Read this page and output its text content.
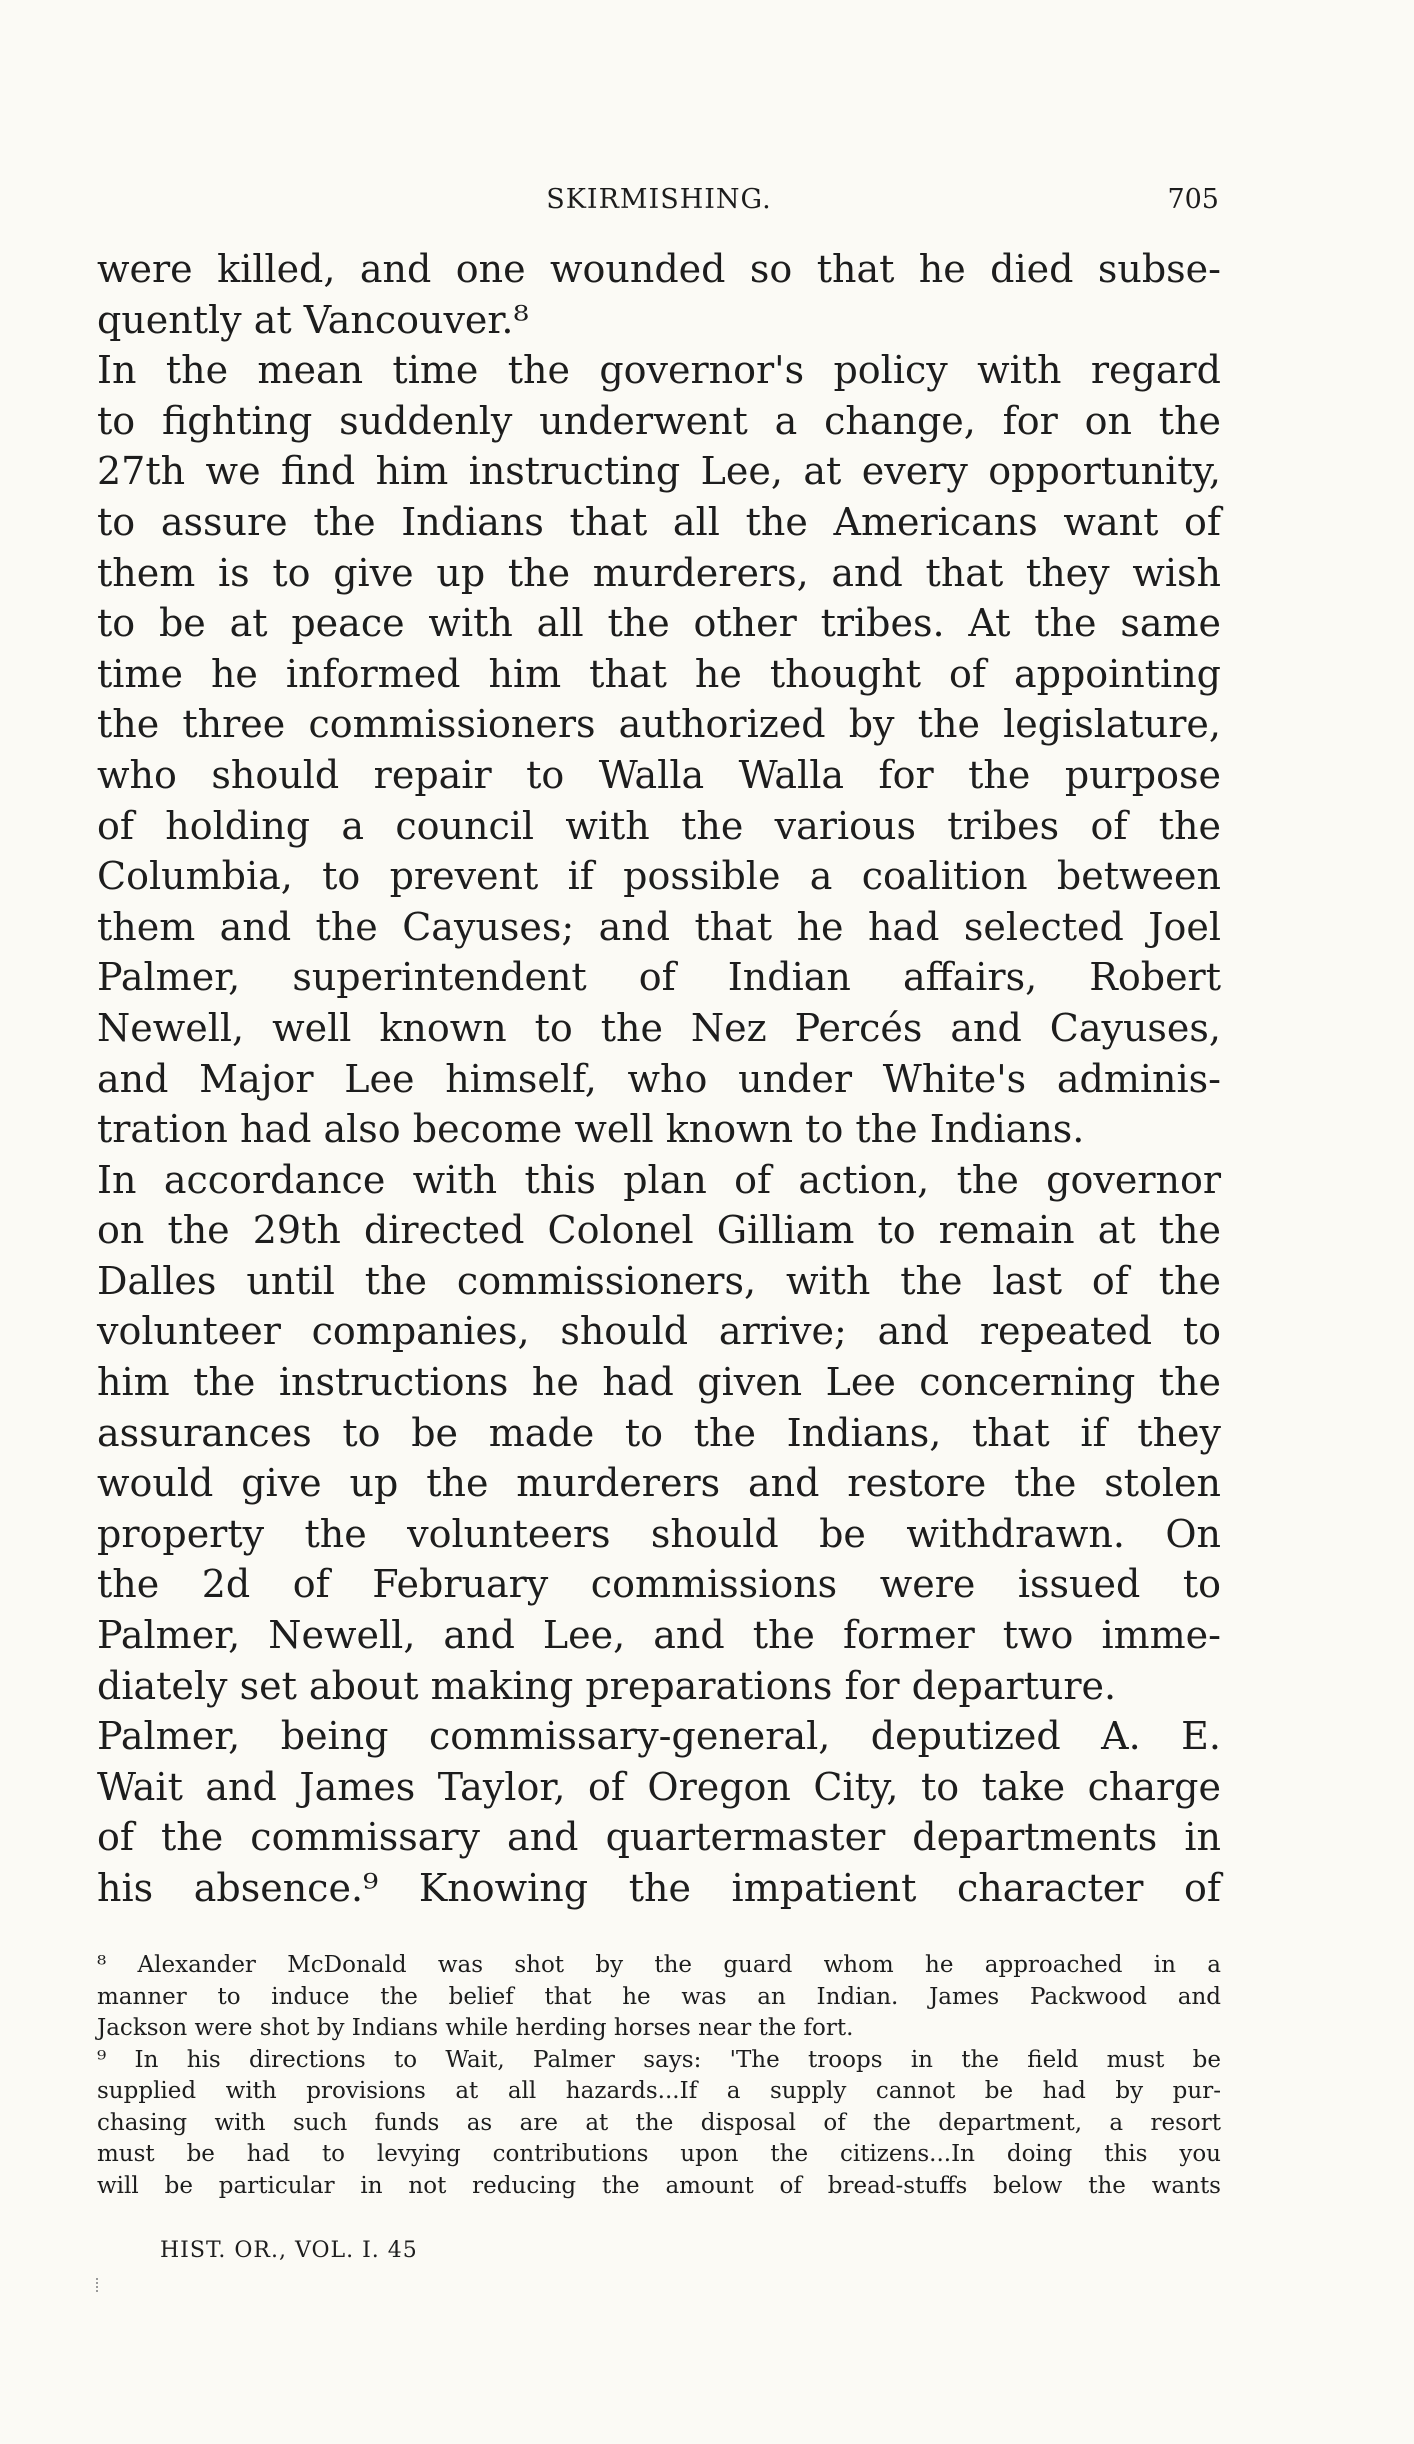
SKIRMISHING.	705
were killed, and one wounded so that he died subse-
quently at Vancouver.⁸
In the mean time the governor's policy with regard
to fighting suddenly underwent a change, for on the
27th we find him instructing Lee, at every opportunity,
to assure the Indians that all the Americans want of
them is to give up the murderers, and that they wish
to be at peace with all the other tribes. At the same
time he informed him that he thought of appointing
the three commissioners authorized by the legislature,
who should repair to Walla Walla for the purpose
of holding a council with the various tribes of the
Columbia, to prevent if possible a coalition between
them and the Cayuses; and that he had selected Joel
Palmer, superintendent of Indian affairs, Robert
Newell, well known to the Nez Percés and Cayuses,
and Major Lee himself, who under White's adminis-
tration had also become well known to the Indians.
In accordance with this plan of action, the governor
on the 29th directed Colonel Gilliam to remain at the
Dalles until the commissioners, with the last of the
volunteer companies, should arrive; and repeated to
him the instructions he had given Lee concerning the
assurances to be made to the Indians, that if they
would give up the murderers and restore the stolen
property the volunteers should be withdrawn. On
the 2d of February commissions were issued to
Palmer, Newell, and Lee, and the former two imme-
diately set about making preparations for departure.
Palmer, being commissary-general, deputized A. E.
Wait and James Taylor, of Oregon City, to take charge
of the commissary and quartermaster departments in
his absence.⁹ Knowing the impatient character of
⁸ Alexander McDonald was shot by the guard whom he approached in a
manner to induce the belief that he was an Indian. James Packwood and
Jackson were shot by Indians while herding horses near the fort.
⁹ In his directions to Wait, Palmer says: 'The troops in the field must be
supplied with provisions at all hazards...If a supply cannot be had by pur-
chasing with such funds as are at the disposal of the department, a resort
must be had to levying contributions upon the citizens...In doing this you
will be particular in not reducing the amount of bread-stuffs below the wants
HIST. OR., VOL. I. 45
